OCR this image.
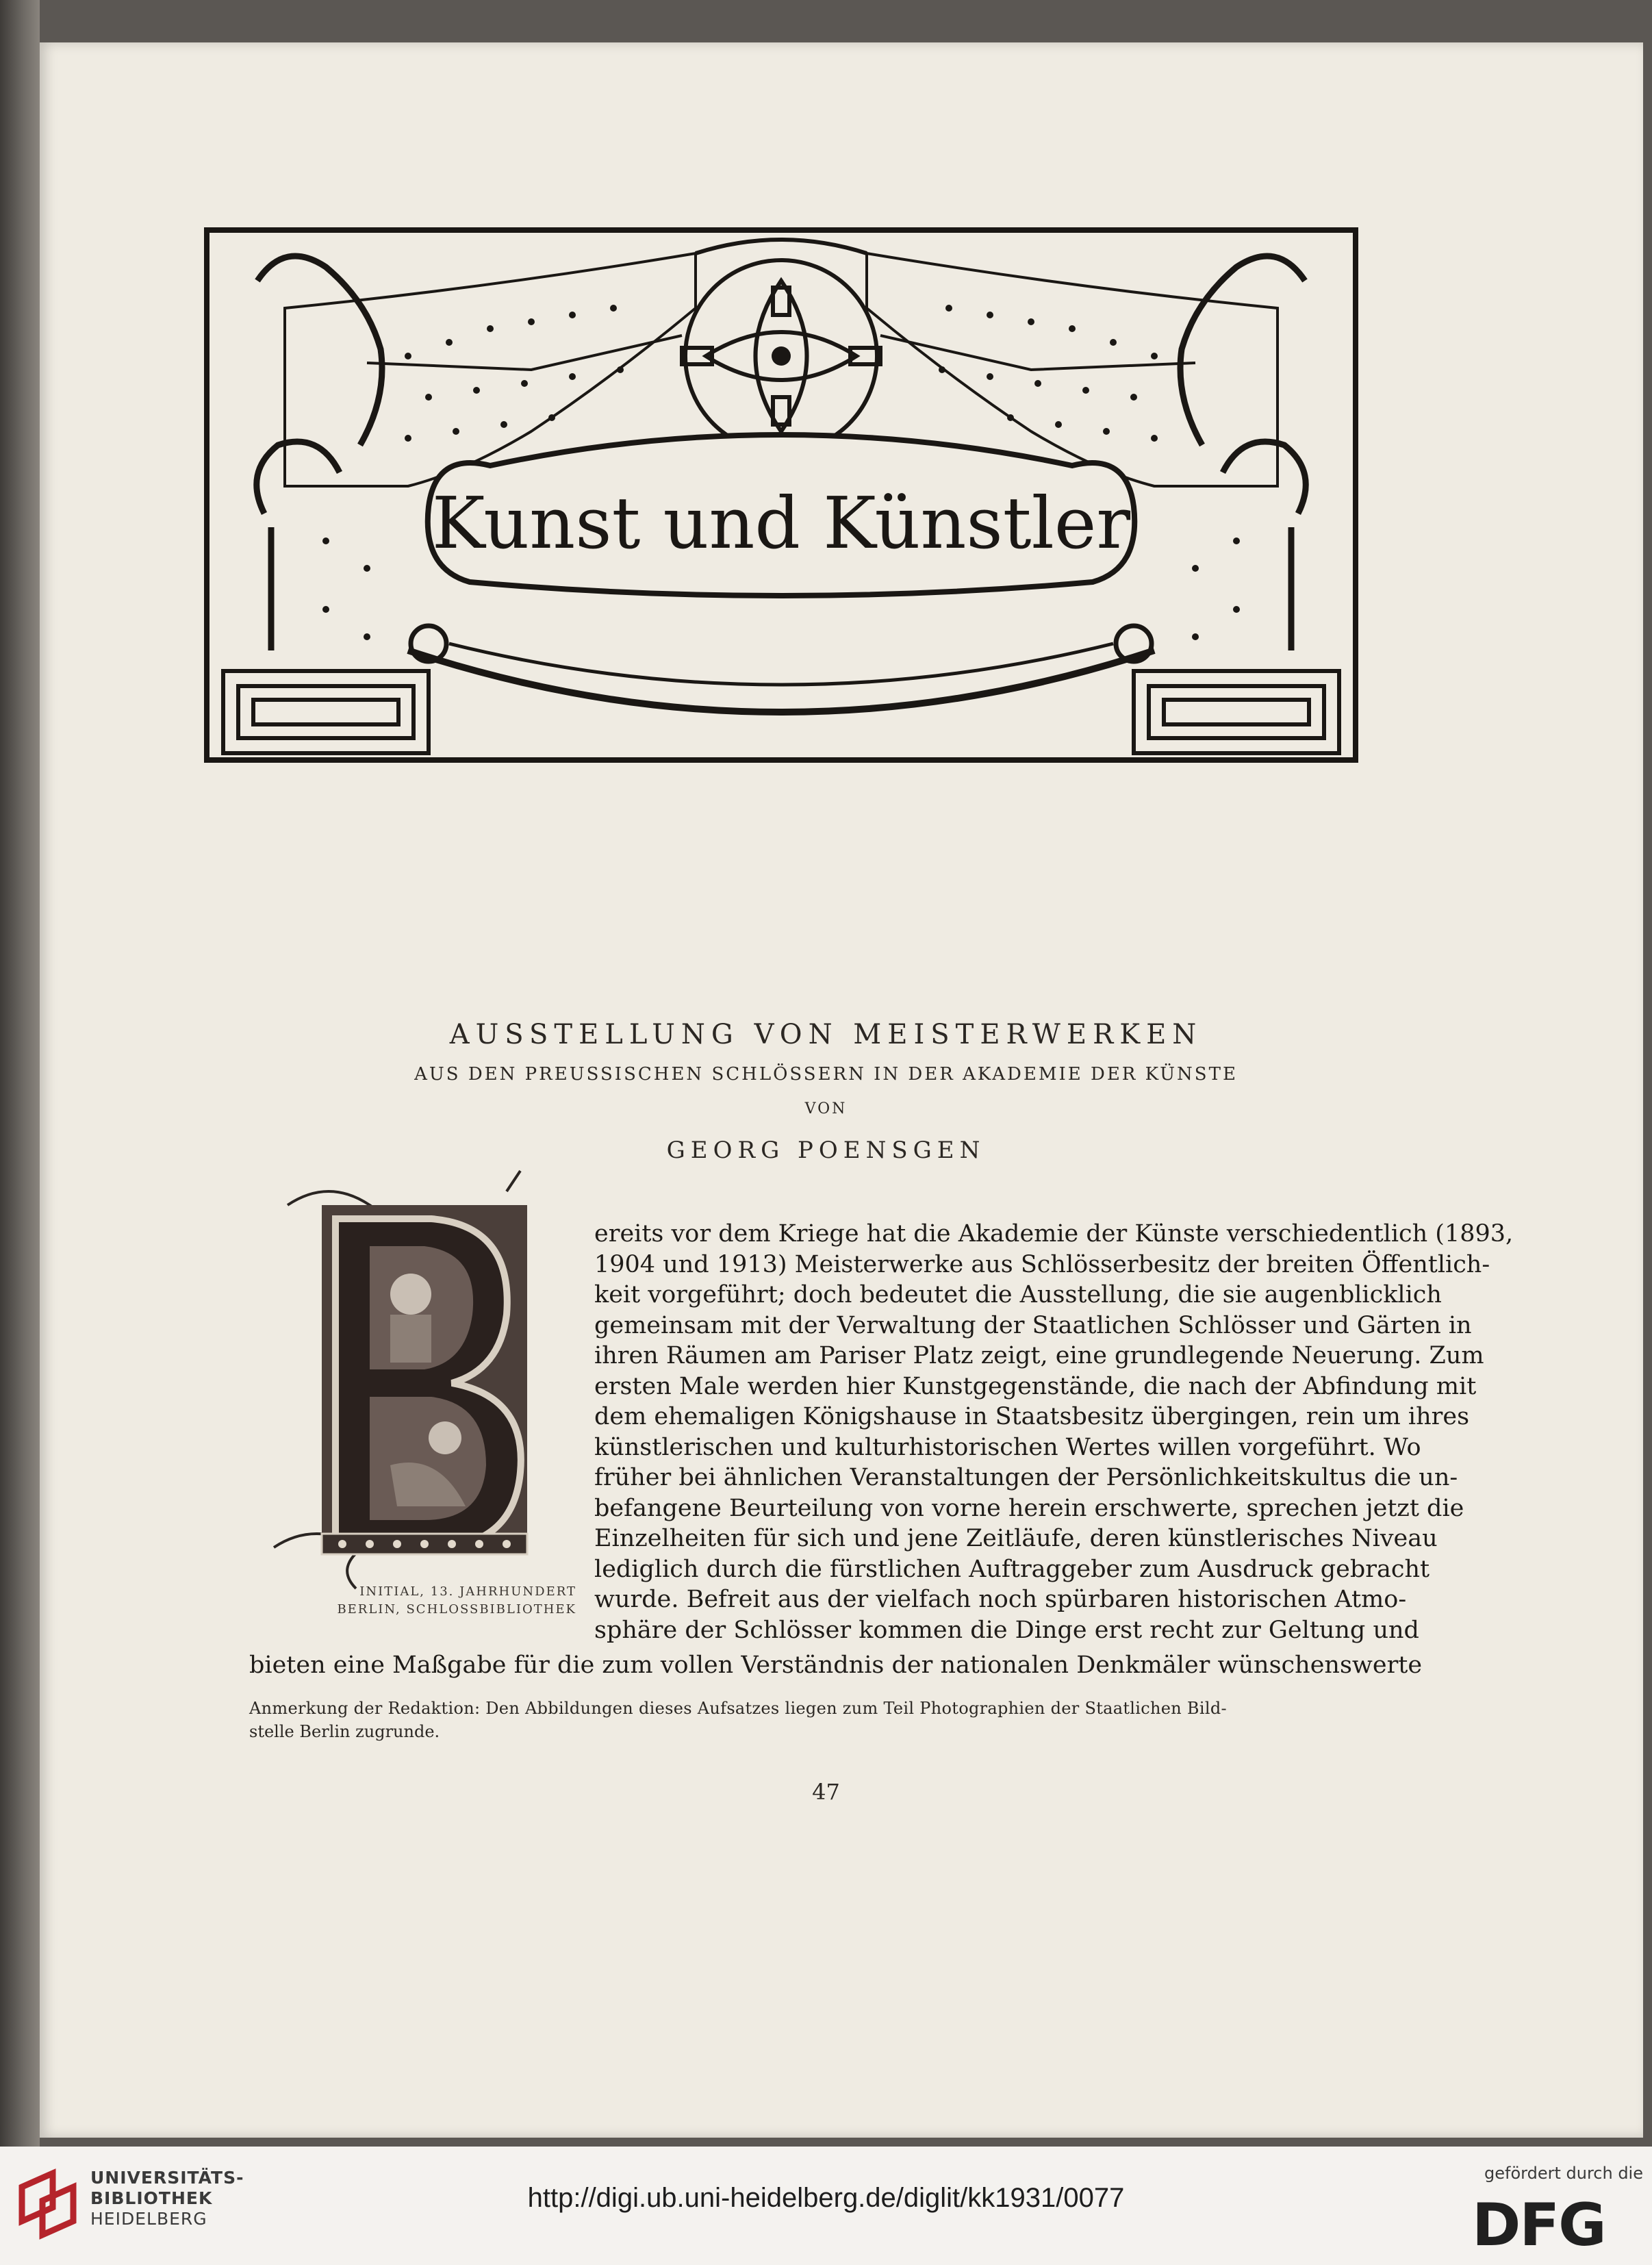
Kunst und Künstler
AUSSTELLUNG VON MEISTERWERKEN
AUS DEN PREUSSISCHEN SCHLÖSSERN IN DER AKADEMIE DER KÜNSTE
VON
GEORG POENSGEN
INITIAL, 13. JAHRHUNDERT
BERLIN, SCHLOSSBIBLIOTHEK
ereits vor dem Kriege hat die Akademie der Künste verschiedentlich (1893,
1904 und 1913) Meisterwerke aus Schlösserbesitz der breiten Öffentlich-
keit vorgeführt; doch bedeutet die Ausstellung, die sie augenblicklich
gemeinsam mit der Verwaltung der Staatlichen Schlösser und Gärten in
ihren Räumen am Pariser Platz zeigt, eine grundlegende Neuerung. Zum
ersten Male werden hier Kunstgegenstände, die nach der Abfindung mit
dem ehemaligen Königshause in Staatsbesitz übergingen, rein um ihres
künstlerischen und kulturhistorischen Wertes willen vorgeführt. Wo
früher bei ähnlichen Veranstaltungen der Persönlichkeitskultus die un-
befangene Beurteilung von vorne herein erschwerte, sprechen jetzt die
Einzelheiten für sich und jene Zeitläufe, deren künstlerisches Niveau
lediglich durch die fürstlichen Auftraggeber zum Ausdruck gebracht
wurde. Befreit aus der vielfach noch spürbaren historischen Atmo-
sphäre der Schlösser kommen die Dinge erst recht zur Geltung und
bieten eine Maßgabe für die zum vollen Verständnis der nationalen Denkmäler wünschenswerte
Anmerkung der Redaktion: Den Abbildungen dieses Aufsatzes liegen zum Teil Photographien der Staatlichen Bild-
stelle Berlin zugrunde.
47
UNIVERSITÄTS-
BIBLIOTHEK
HEIDELBERG
http://digi.ub.uni-heidelberg.de/diglit/kk1931/0077
gefördert durch die
DFG
